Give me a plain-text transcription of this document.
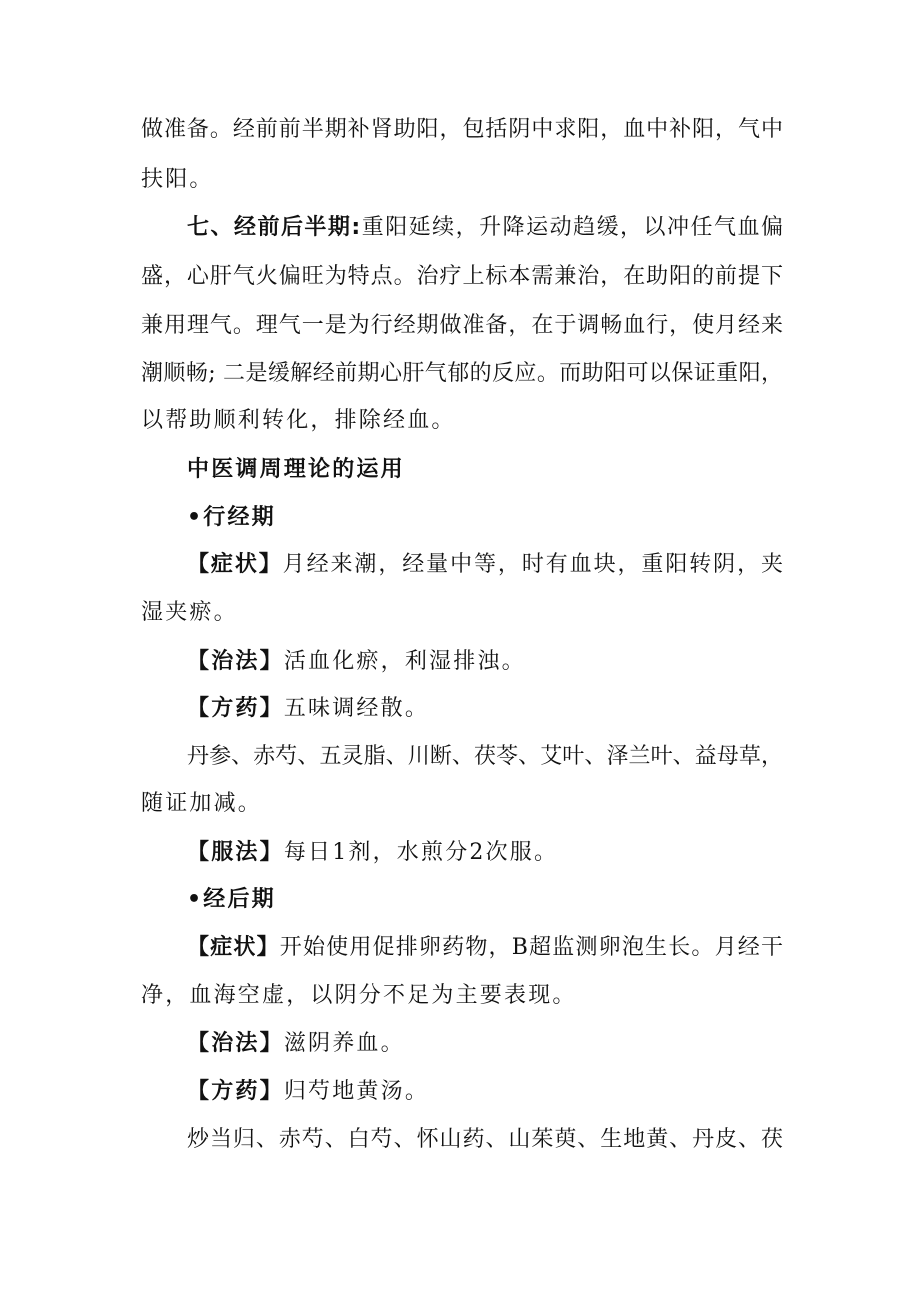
做准备。经前前半期补肾助阳，包括阴中求阳，血中补阳，气中
扶阳。
七、经前后半期:重阳延续，升降运动趋缓，以冲任气血偏
盛，心肝气火偏旺为特点。治疗上标本需兼治，在助阳的前提下
兼用理气。理气一是为行经期做准备，在于调畅血行，使月经来
潮顺畅; 二是缓解经前期心肝气郁的反应。而助阳可以保证重阳，
以帮助顺利转化，排除经血。
中医调周理论的运用
•行经期
【症状】月经来潮，经量中等，时有血块，重阳转阴，夹
湿夹瘀。
【治法】活血化瘀，利湿排浊。
【方药】五味调经散。
丹参、赤芍、五灵脂、川断、茯苓、艾叶、泽兰叶、益母草，
随证加减。
【服法】每日1剂，水煎分2次服。
•经后期
【症状】开始使用促排卵药物，B超监测卵泡生长。月经干
净，血海空虚，以阴分不足为主要表现。
【治法】滋阴养血。
【方药】归芍地黄汤。
炒当归、赤芍、白芍、怀山药、山茱萸、生地黄、丹皮、茯
